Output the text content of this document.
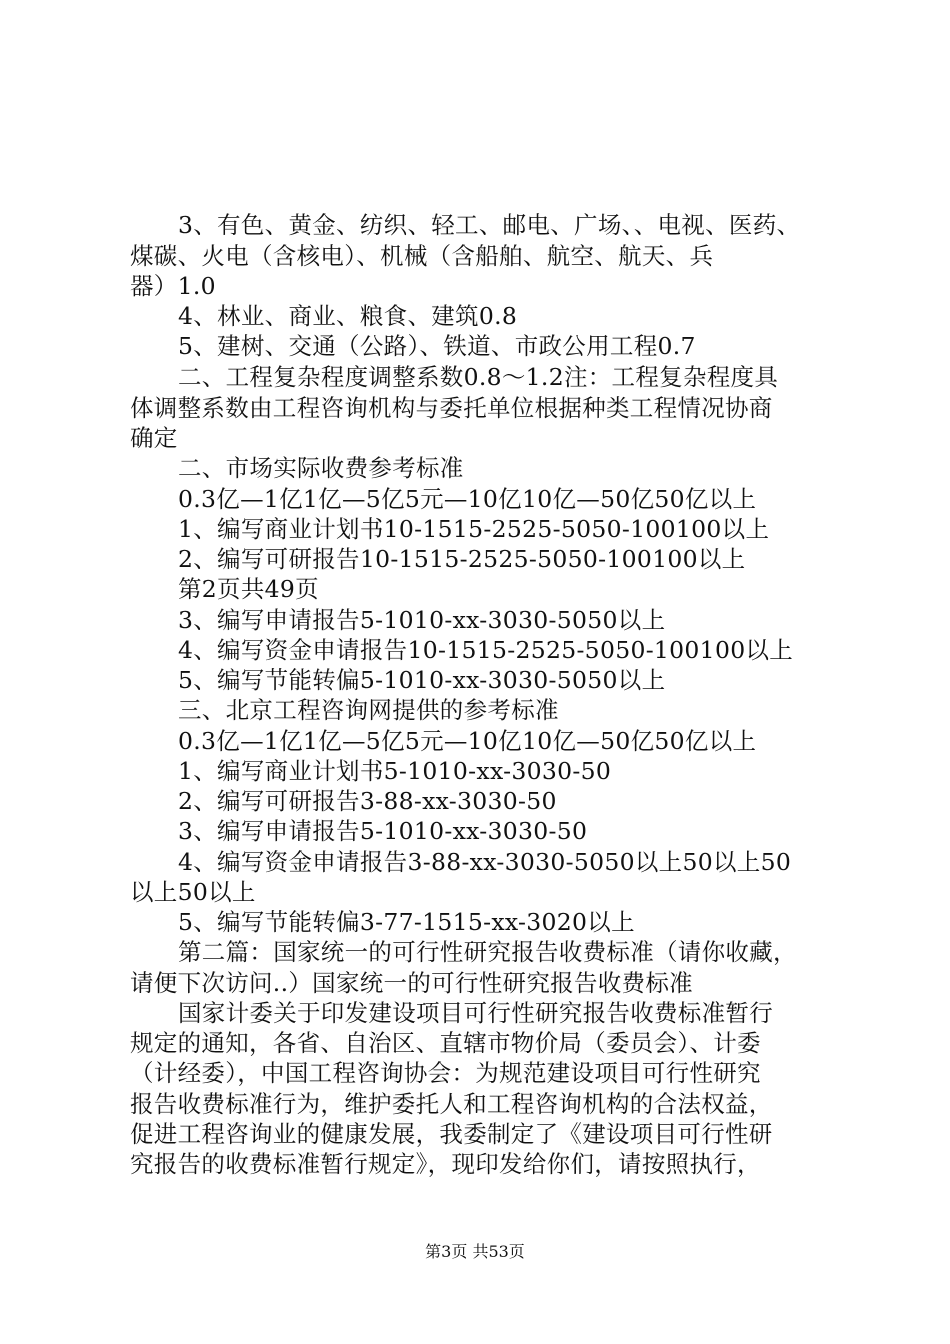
3、有色、黄金、纺织、轻工、邮电、广场、、电视、医药、
煤碳、火电（含核电）、机械（含船舶、航空、航天、兵
器）1.0
4、林业、商业、粮食、建筑0.8
5、建树、交通（公路）、铁道、市政公用工程0.7
二、工程复杂程度调整系数0.8～1.2注：工程复杂程度具
体调整系数由工程咨询机构与委托单位根据种类工程情况协商
确定
二、市场实际收费参考标准
0.3亿—1亿1亿—5亿5元—10亿10亿—50亿50亿以上
1、编写商业计划书10-1515-2525-5050-100100以上
2、编写可研报告10-1515-2525-5050-100100以上
第2页共49页
3、编写申请报告5-1010-xx-3030-5050以上
4、编写资金申请报告10-1515-2525-5050-100100以上
5、编写节能转偏5-1010-xx-3030-5050以上
三、北京工程咨询网提供的参考标准
0.3亿—1亿1亿—5亿5元—10亿10亿—50亿50亿以上
1、编写商业计划书5-1010-xx-3030-50
2、编写可研报告3-88-xx-3030-50
3、编写申请报告5-1010-xx-3030-50
4、编写资金申请报告3-88-xx-3030-5050以上50以上50
以上50以上
5、编写节能转偏3-77-1515-xx-3020以上
第二篇：国家统一的可行性研究报告收费标准（请你收藏，
请便下次访问..）国家统一的可行性研究报告收费标准
国家计委关于印发建设项目可行性研究报告收费标准暂行
规定的通知，各省、自治区、直辖市物价局（委员会）、计委
（计经委），中国工程咨询协会：为规范建设项目可行性研究
报告收费标准行为，维护委托人和工程咨询机构的合法权益，
促进工程咨询业的健康发展，我委制定了《建设项目可行性研
究报告的收费标准暂行规定》，现印发给你们，请按照执行，
第3页 共53页
